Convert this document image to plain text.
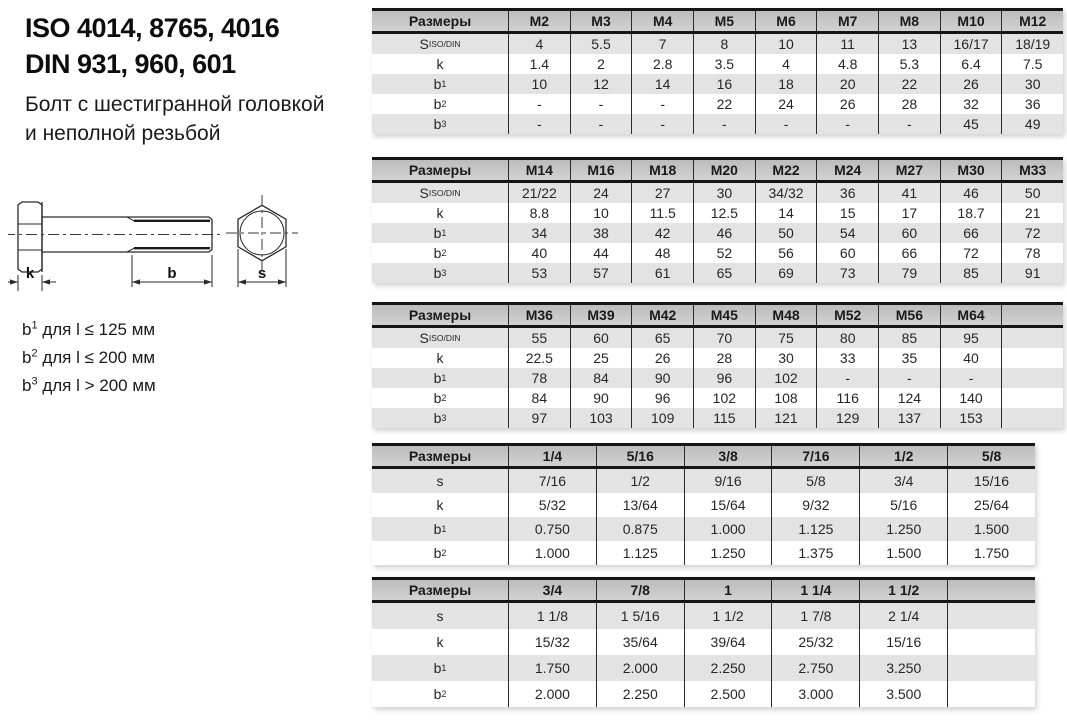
ISO 4014, 8765, 4016
DIN 931, 960, 601
Болт с шестигранной головкой
и неполной резьбой
k	b	s
$b^1$ для l ≤ 125 мм
$b^2$ для l ≤ 200 мм
$b^3$ для l > 200 мм
Размеры	M2	M3	M4	M5	M6	M7	M8	M10	M12
S ISO/DIN	4	5.5	7	8	10	11	13	16/17	18/19
k	1.4	2	2.8	3.5	4	4.8	5.3	6.4	7.5
b 1	10	12	14	16	18	20	22	26	30
b 2	-	-	-	22	24	26	28	32	36
b 3	-	-	-	-	-	-	-	45	49
Размеры	M14	M16	M18	M20	M22	M24	M27	M30	M33
S ISO/DIN	21/22	24	27	30	34/32	36	41	46	50
k	8.8	10	11.5	12.5	14	15	17	18.7	21
b 1	34	38	42	46	50	54	60	66	72
b 2	40	44	48	52	56	60	66	72	78
b 3	53	57	61	65	69	73	79	85	91
Размеры	M36	M39	M42	M45	M48	M52	M56	M64
S ISO/DIN	55	60	65	70	75	80	85	95
k	22.5	25	26	28	30	33	35	40
b 1	78	84	90	96	102	-	-	-
b 2	84	90	96	102	108	116	124	140
b 3	97	103	109	115	121	129	137	153
Размеры	1/4	5/16	3/8	7/16	1/2	5/8
s	7/16	1/2	9/16	5/8	3/4	15/16
k	5/32	13/64	15/64	9/32	5/16	25/64
b 1	0.750	0.875	1.000	1.125	1.250	1.500
b 2	1.000	1.125	1.250	1.375	1.500	1.750
Размеры	3/4	7/8	1	1 1/4	1 1/2
s	1 1/8	1 5/16	1 1/2	1 7/8	2 1/4
k	15/32	35/64	39/64	25/32	15/16
b 1	1.750	2.000	2.250	2.750	3.250
b 2	2.000	2.250	2.500	3.000	3.500
